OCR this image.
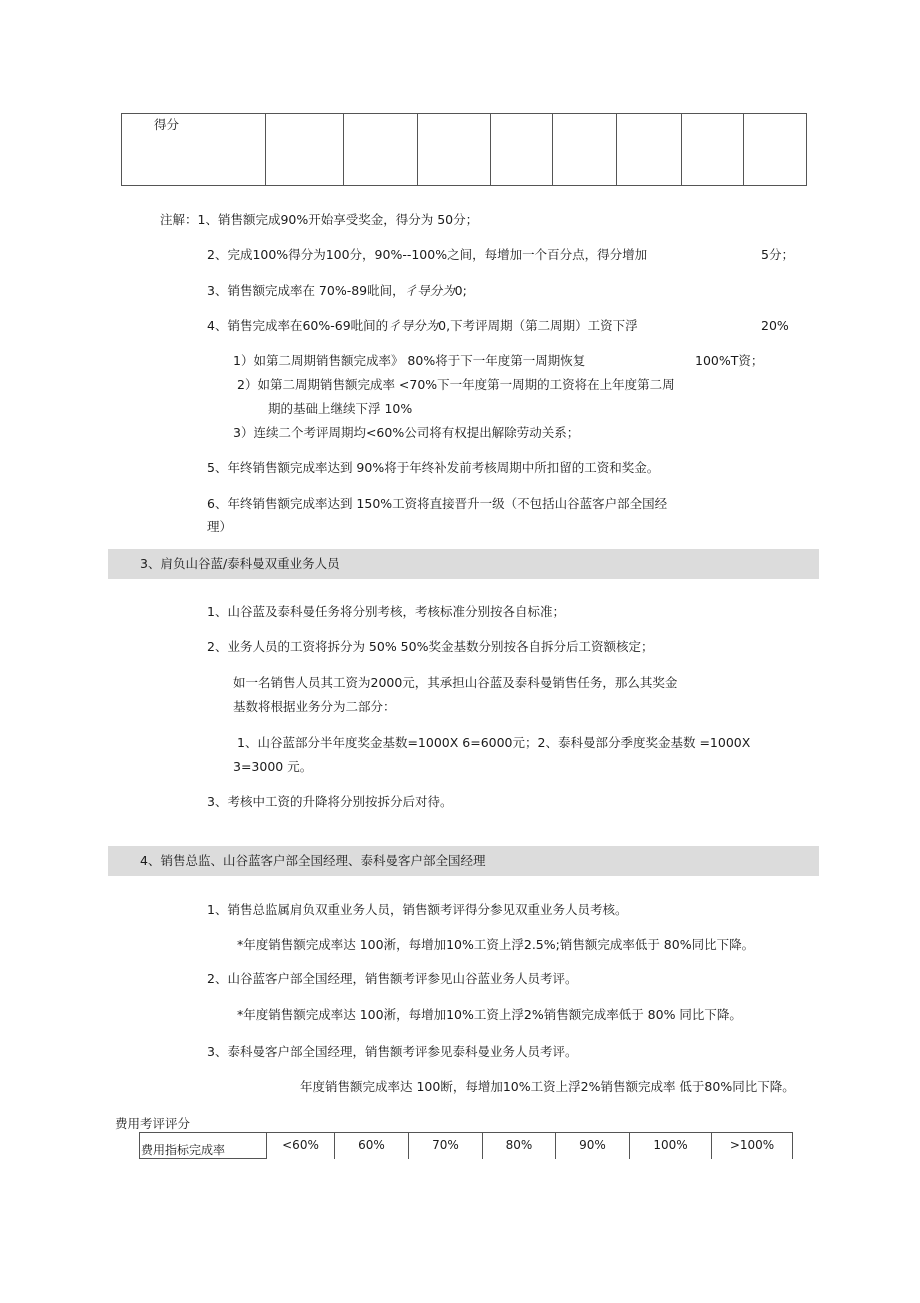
得分

注解：1、销售额完成90%开始享受奖金，得分为 50分；
2、完成100%得分为100分，90%--100%之间，每增加一个百分点，得分增加	5分；
3、销售额完成率在 70%-89吡间，彳导分为0;
4、销售完成率在60%-69吡间的彳导分为0,下考评周期（第二周期）工资下浮	20%
1）如第二周期销售额完成率》 80%将于下一年度第一周期恢复	100%T资；
2）如第二周期销售额完成率 <70%下一年度第一周期的工资将在上年度第二周
期的基础上继续下浮 10%
3）连续二个考评周期均<60%公司将有权提出解除劳动关系；
5、年终销售额完成率达到 90%将于年终补发前考核周期中所扣留的工资和奖金。
6、年终销售额完成率达到 150%工资将直接晋升一级（不包括山谷蓝客户部全国经
理）
3、肩负山谷蓝/泰科曼双重业务人员
1、山谷蓝及泰科曼任务将分别考核，考核标准分别按各自标准；
2、业务人员的工资将拆分为 50% 50%奖金基数分别按各自拆分后工资额核定；
如一名销售人员其工资为2000元，其承担山谷蓝及泰科曼销售任务，那么其奖金
基数将根据业务分为二部分：
1、山谷蓝部分半年度奖金基数=1000X 6=6000元；2、泰科曼部分季度奖金基数 =1000X
3=3000 元。
3、考核中工资的升降将分别按拆分后对待。
4、销售总监、山谷蓝客户部全国经理、泰科曼客户部全国经理
1、销售总监属肩负双重业务人员，销售额考评得分参见双重业务人员考核。
*年度销售额完成率达 100淅，每增加10%工资上浮2.5%;销售额完成率低于 80%同比下降。
2、山谷蓝客户部全国经理，销售额考评参见山谷蓝业务人员考评。
*年度销售额完成率达 100淅，每增加10%工资上浮2%销售额完成率低于 80% 同比下降。
3、泰科曼客户部全国经理，销售额考评参见泰科曼业务人员考评。
年度销售额完成率达 100断，每增加10%工资上浮2%销售额完成率 低于80%同比下降。
费用考评评分
费用指标完成率	<60%	60%	70%	80%	90%	100%	>100%
